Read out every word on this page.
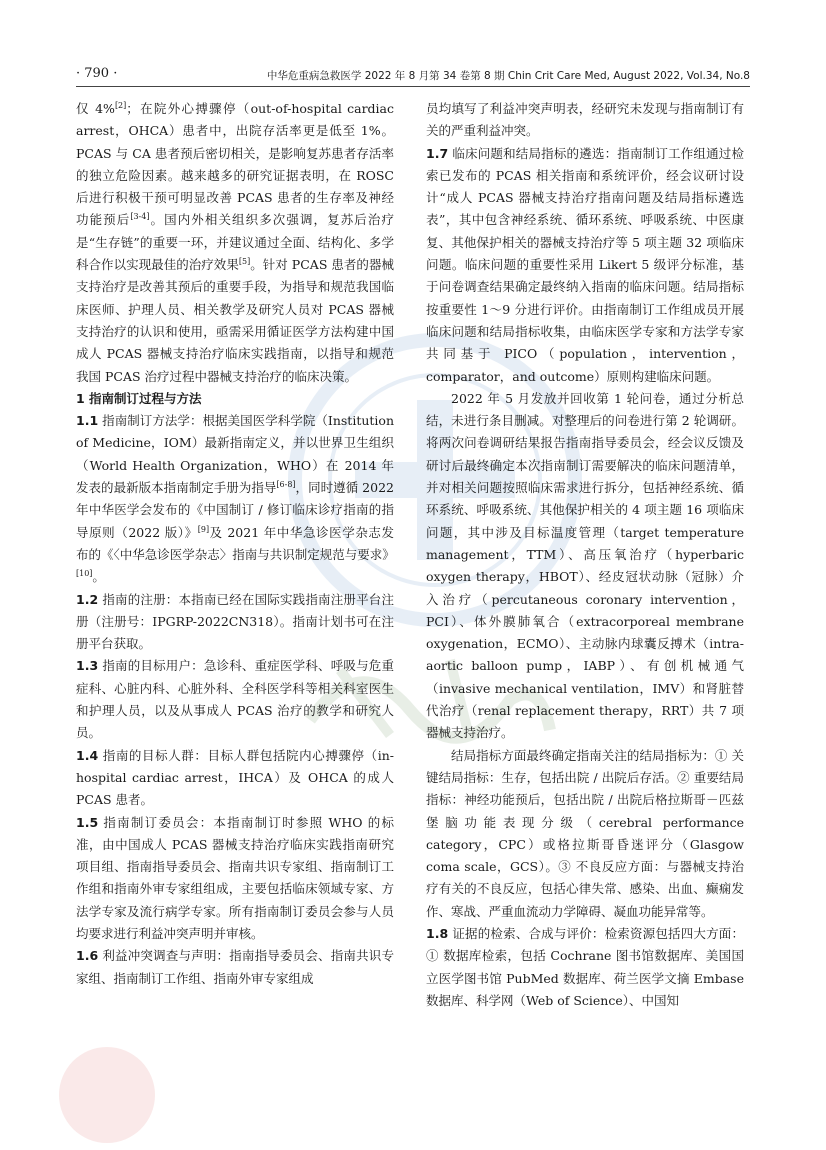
· 790 ·	中华危重病急救医学 2022 年 8 月第 34 卷第 8 期 Chin Crit Care Med, August 2022, Vol.34, No.8

仅 4%[2]；在院外心搏骤停（out-of-hospital cardiac arrest，OHCA）患者中，出院存活率更是低至 1%。PCAS 与 CA 患者预后密切相关，是影响复苏患者存活率的独立危险因素。越来越多的研究证据表明，在 ROSC 后进行积极干预可明显改善 PCAS 患者的生存率及神经功能预后[3-4]。国内外相关组织多次强调，复苏后治疗是“生存链”的重要一环，并建议通过全面、结构化、多学科合作以实现最佳的治疗效果[5]。针对 PCAS 患者的器械支持治疗是改善其预后的重要手段，为指导和规范我国临床医师、护理人员、相关教学及研究人员对 PCAS 器械支持治疗的认识和使用，亟需采用循证医学方法构建中国成人 PCAS 器械支持治疗临床实践指南，以指导和规范我国 PCAS 治疗过程中器械支持治疗的临床决策。

1 指南制订过程与方法

1.1 指南制订方法学：根据美国医学科学院（Institution of Medicine，IOM）最新指南定义，并以世界卫生组织（World Health Organization，WHO）在 2014 年发表的最新版本指南制定手册为指导[6-8]，同时遵循 2022 年中华医学会发布的《中国制订 / 修订临床诊疗指南的指导原则（2022 版）》[9]及 2021 年中华急诊医学杂志发布的《〈中华急诊医学杂志〉指南与共识制定规范与要求》[10]。

1.2 指南的注册：本指南已经在国际实践指南注册平台注册（注册号：IPGRP-2022CN318）。指南计划书可在注册平台获取。

1.3 指南的目标用户：急诊科、重症医学科、呼吸与危重症科、心脏内科、心脏外科、全科医学科等相关科室医生和护理人员，以及从事成人 PCAS 治疗的教学和研究人员。

1.4 指南的目标人群：目标人群包括院内心搏骤停（in-hospital cardiac arrest，IHCA）及 OHCA 的成人 PCAS 患者。

1.5 指南制订委员会：本指南制订时参照 WHO 的标准，由中国成人 PCAS 器械支持治疗临床实践指南研究项目组、指南指导委员会、指南共识专家组、指南制订工作组和指南外审专家组组成，主要包括临床领域专家、方法学专家及流行病学专家。所有指南制订委员会参与人员均要求进行利益冲突声明并审核。

1.6 利益冲突调查与声明：指南指导委员会、指南共识专家组、指南制订工作组、指南外审专家组成

员均填写了利益冲突声明表，经研究未发现与指南制订有关的严重利益冲突。

1.7 临床问题和结局指标的遴选：指南制订工作组通过检索已发布的 PCAS 相关指南和系统评价，经会议研讨设计“成人 PCAS 器械支持治疗指南问题及结局指标遴选表”，其中包含神经系统、循环系统、呼吸系统、中医康复、其他保护相关的器械支持治疗等 5 项主题 32 项临床问题。临床问题的重要性采用 Likert 5 级评分标准，基于问卷调查结果确定最终纳入指南的临床问题。结局指标按重要性 1～9 分进行评价。由指南制订工作组成员开展临床问题和结局指标收集，由临床医学专家和方法学专家共同基于 PICO（population，intervention，comparator，and outcome）原则构建临床问题。

2022 年 5 月发放并回收第 1 轮问卷，通过分析总结，未进行条目删减。对整理后的问卷进行第 2 轮调研。将两次问卷调研结果报告指南指导委员会，经会议反馈及研讨后最终确定本次指南制订需要解决的临床问题清单，并对相关问题按照临床需求进行拆分，包括神经系统、循环系统、呼吸系统、其他保护相关的 4 项主题 16 项临床问题，其中涉及目标温度管理（target temperature management，TTM）、高压氧治疗（hyperbaric oxygen therapy，HBOT）、经皮冠状动脉（冠脉）介入治疗（percutaneous coronary intervention，PCI）、体外膜肺氧合（extracorporeal membrane oxygenation，ECMO）、主动脉内球囊反搏术（intra-aortic balloon pump，IABP）、有创机械通气（invasive mechanical ventilation，IMV）和肾脏替代治疗（renal replacement therapy，RRT）共 7 项器械支持治疗。

结局指标方面最终确定指南关注的结局指标为：① 关键结局指标：生存，包括出院 / 出院后存活。② 重要结局指标：神经功能预后，包括出院 / 出院后格拉斯哥－匹兹堡脑功能表现分级（cerebral performance category，CPC）或格拉斯哥昏迷评分（Glasgow coma scale，GCS）。③ 不良反应方面：与器械支持治疗有关的不良反应，包括心律失常、感染、出血、癫痫发作、寒战、严重血流动力学障碍、凝血功能异常等。

1.8 证据的检索、合成与评价：检索资源包括四大方面：① 数据库检索，包括 Cochrane 图书馆数据库、美国国立医学图书馆 PubMed 数据库、荷兰医学文摘 Embase 数据库、科学网（Web of Science）、中国知
